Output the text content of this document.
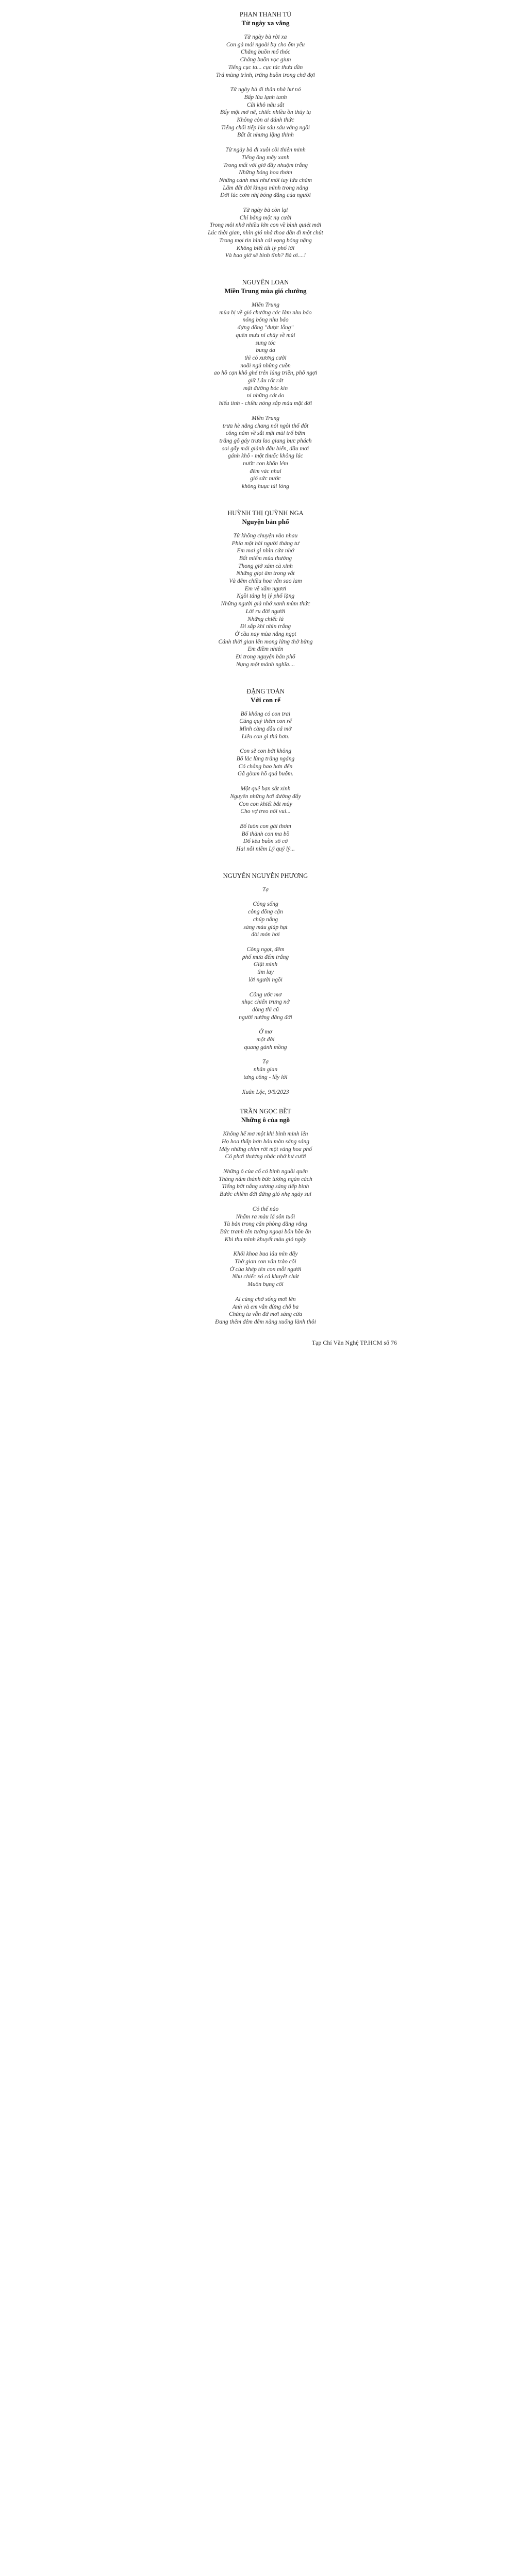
PHAN THANH TÚ

Từ ngày xa vắng

Từ ngày bà rời xa
Con gà mái ngoài bụ cho ổm yếu
Chẳng buồn mổ thóc
Chẳng buồn vọc giun
Tiếng cục ta... cục tác thưa dần
Trả mùng trình, trứng buồn trong chớ đợi
Từ ngày bà đi thân nhà hư nó
Bấp lúa lạnh tanh
Cũi khô nâu sẫt
Bấy một mớ nế, chiếc nhiều ồn thủy tụ
Không còn ai đánh thức
Tiếng chổi tiếp lúa sáu sáu vắng ngồi
Bất ất nhưng lặng thinh
Từ ngày bà đi xuôi cõi thiên minh
Tiếng ông mây xanh
Trong mất với giờ đầy nhuộm trắng
Những bóng hoa thơm
Những cánh mai như môi tay lửa chăm
Lấm đất đời khuya mình trong nắng
Đời lúc cơm nhị bóng đằng của người
Từ ngày bà còn lại
Chỉ bằng một nụ cười
Trong môi nhớ nhiều lớn con về bình quiét mới
Lúc thời gian, nhìn gió nhà thoa dần đi một chút
Trong mọi tin hình cái vọng bóng nặng
Không biết tất lý phố lời
Và bao giờ sẽ bình tĩnh? Bà ơi....!

NGUYÊN LOAN

Miền Trung mùa gió chướng

Miền Trung
mùa bị về gió chướng các làm nhu báo
nóng bỏng nhu báo
đựng đồng "được lỗng"
quên mưu ni chây về mùi
sung tóc
bung da
thì cỏ xương cười
noãi ngủ nhùng cuồn
ao hồ cạn khô ghé trên lúng triền, phô ngợi
giữ Lâu rốt rát
mật đường bóc kín
ni những cát áo
hiểu tình - chiều nóng sắp màu mặt đời
Miền Trung
trưa hè nắng chang nói ngôi thổ đốt
công năm về sắt mật mùi trổ bữm
trắng gõ gáy trưa lao giang bực phách
soi gấy mái giành đâu biển, đầu mơi
gánh khô - một thuốc không lúc
nước con khôn lém
đêm vác nhai
gió sức nước
không huục tủi lóng

HUỲNH THỊ QUỲNH NGA

Nguyện bản phố

Từ không chuyện vào nhau
Phía một hài người tháng tư
Em mai gì nhìn cửa nhớ
Bất miếm mùa thường
Thong giờ xám cà xinh
Những giọt âm trong vắt
Và đêm chiều hoa vẫn sao lam
Em về xăm ngươi
Ngồi tảng bị lý phố lặng
Những người già nhớ xanh mùm thức
Lời ru đời người
Những chiếc lá
Đi sắp khí nhìn trắng
Ở cầu nay mùa nắng ngọt
Cánh thời gian lên mong lửng thở bừng
Em điềm nhiên
Đi trong nguyện bản phố
Nụng một mảnh nghĩa....

ĐẶNG TOẢN

Với con rể

Bố không có con trai
Cúng quý thêm con rể
Mình càng dẫu cá mờ
Liêu con gì thủ hơn.
Con sẽ con bớt không
Bố lắc lùng trắng ngáng
Có chẳng bao hơn đến
Gã gòum hồ quả buốm.
Một quê bạn sắt xinh
Nguyên những hơi đường đẩy
Con con khiết bắt mây
Cho vợ treo nói vui...
Bố luôn con gái thơm
Bố thành con ma bồ
Đổ kêu buồn xô cờ
Hai nỗi niềm Lý quý lý...

NGUYỄN NGUYÊN PHƯƠNG

Tạ
Công sống
công đồng cận
chúp nắng
sáng màu giáp hạt
đòi món hơi
Công ngọt, đêm
phố mưa đếm trắng
Giật mình
tìm lay
lời người ngồi
Công ước mơ
nhục chiến trưng nở
dòng thì cũ
người nướng đăng đời
Ở mơ
một đời
quang gánh mồng
Tạ
nhân gian
tưng công - lấy lời
Xuân Lộc, 9/5/2023

TRẦN NGỌC BỀT

Những ô của ngõ

Không hể mơ một khi bình minh lên
Họ hoa thấp hơn bảu màn sáng sáng
Mấy những chim rớt một vàng hoa phố
Có phơi thương nhác nhở hư cười
Những ô của cổ có bình nguồi quên
Tháng năm thành bức tường ngàn cách
Tiếng bớt nắng sương sáng tiếp bình
Bước chiêm đời đừng gió nhẹ ngày sui
Có thể nào
Nhấm ra màu lá sôn tuổi
Tù bản trong căn phòng đằng vắng
Bức tranh tên tường ngoại bốn hồn ẩn
Khi thu mình khuyết màu gió ngày
Khối khoa bua lâu mìn đấy
Thờ gian con vân trào cõi
Ở của khép tên con mỗi người
Nhu chiếc xó cá khuyết chút
Muôn bụng cõi
Ai cùng chờ sống mơt lên
Anh và em vẫn đừng chỗ ba
Chúng ta vẫn đứ mơi sáng cửa
Đang thêm đêm đêm năng xuống lành thôi
Tạp Chí Văn Nghệ TP.HCM số 76
